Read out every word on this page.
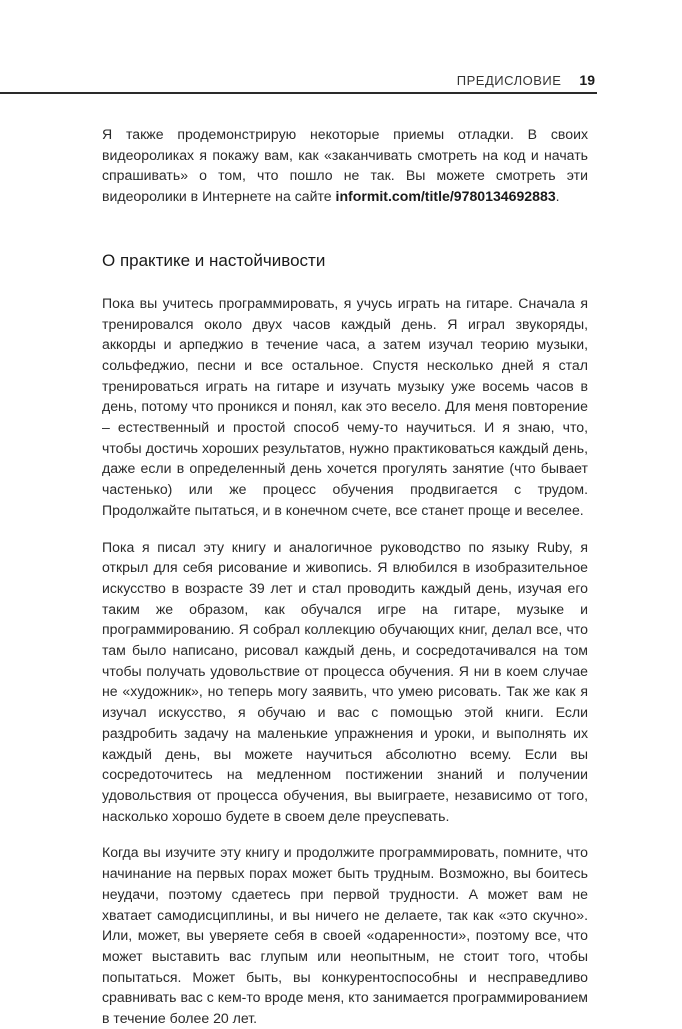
ПРЕДИСЛОВИЕ 19

Я также продемонстрирую некоторые приемы отладки. В своих видеороликах я покажу вам, как «заканчивать смотреть на код и начать спрашивать» о том, что пошло не так. Вы можете смотреть эти видеоролики в Интернете на сайте informit.com/title/9780134692883.

О практике и настойчивости

Пока вы учитесь программировать, я учусь играть на гитаре. Сначала я тренировался около двух часов каждый день. Я играл звукоряды, аккорды и арпеджио в течение часа, а затем изучал теорию музыки, сольфеджио, песни и все остальное. Спустя несколько дней я стал тренироваться играть на гитаре и изучать музыку уже восемь часов в день, потому что проникся и понял, как это весело. Для меня повторение – естественный и простой способ чему-то научиться. И я знаю, что, чтобы достичь хороших результатов, нужно практиковаться каждый день, даже если в определенный день хочется прогулять занятие (что бывает частенько) или же процесс обучения продвигается с трудом. Продолжайте пытаться, и в конечном счете, все станет проще и веселее.

Пока я писал эту книгу и аналогичное руководство по языку Ruby, я открыл для себя рисование и живопись. Я влюбился в изобразительное искусство в возрасте 39 лет и стал проводить каждый день, изучая его таким же образом, как обучался игре на гитаре, музыке и программированию. Я собрал коллекцию обучающих книг, делал все, что там было написано, рисовал каждый день, и сосредотачивался на том чтобы получать удовольствие от процесса обучения. Я ни в коем случае не «художник», но теперь могу заявить, что умею рисовать. Так же как я изучал искусство, я обучаю и вас с помощью этой книги. Если раздробить задачу на маленькие упражнения и уроки, и выполнять их каждый день, вы можете научиться абсолютно всему. Если вы сосредоточитесь на медленном постижении знаний и получении удовольствия от процесса обучения, вы выиграете, независимо от того, насколько хорошо будете в своем деле преуспевать.

Когда вы изучите эту книгу и продолжите программировать, помните, что начинание на первых порах может быть трудным. Возможно, вы боитесь неудачи, поэтому сдаетесь при первой трудности. А может вам не хватает самодисциплины, и вы ничего не делаете, так как «это скучно». Или, может, вы уверяете себя в своей «одаренности», поэтому все, что может выставить вас глупым или неопытным, не стоит того, чтобы попытаться. Может быть, вы конкурентоспособны и несправедливо сравнивать вас с кем-то вроде меня, кто занимается программированием в течение более 20 лет.
